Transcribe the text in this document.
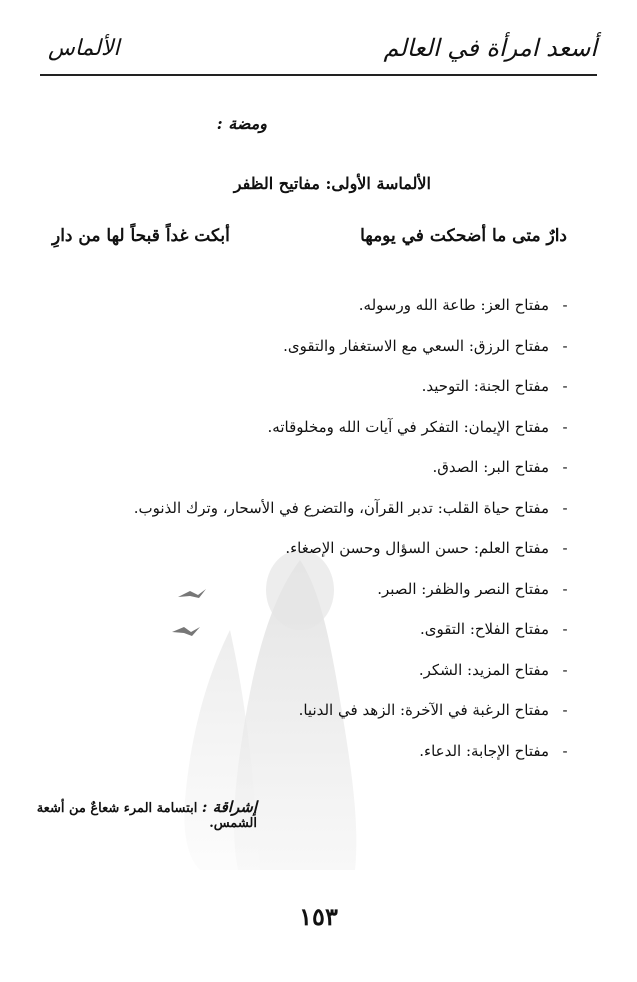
أسعد امرأة في العالم
الألماس
ومضة :
الألماسة الأولى: مفاتيح الظفر
دارٌ متى ما أضحكت في يومها
أبكت غداً قبحاً لها من دارِ
-
مفتاح العز: طاعة الله ورسوله.
-
مفتاح الرزق: السعي مع الاستغفار والتقوى.
-
مفتاح الجنة: التوحيد.
-
مفتاح الإيمان: التفكر في آيات الله ومخلوقاته.
-
مفتاح البر: الصدق.
-
مفتاح حياة القلب: تدبر القرآن، والتضرع في الأسحار، وترك الذنوب.
-
مفتاح العلم: حسن السؤال وحسن الإصغاء.
-
مفتاح النصر والظفر: الصبر.
-
مفتاح الفلاح: التقوى.
-
مفتاح المزيد: الشكر.
-
مفتاح الرغبة في الآخرة: الزهد في الدنيا.
-
مفتاح الإجابة: الدعاء.
إشراقة : ابتسامة المرء شعاعٌ من أشعة الشمس.
١٥٣
